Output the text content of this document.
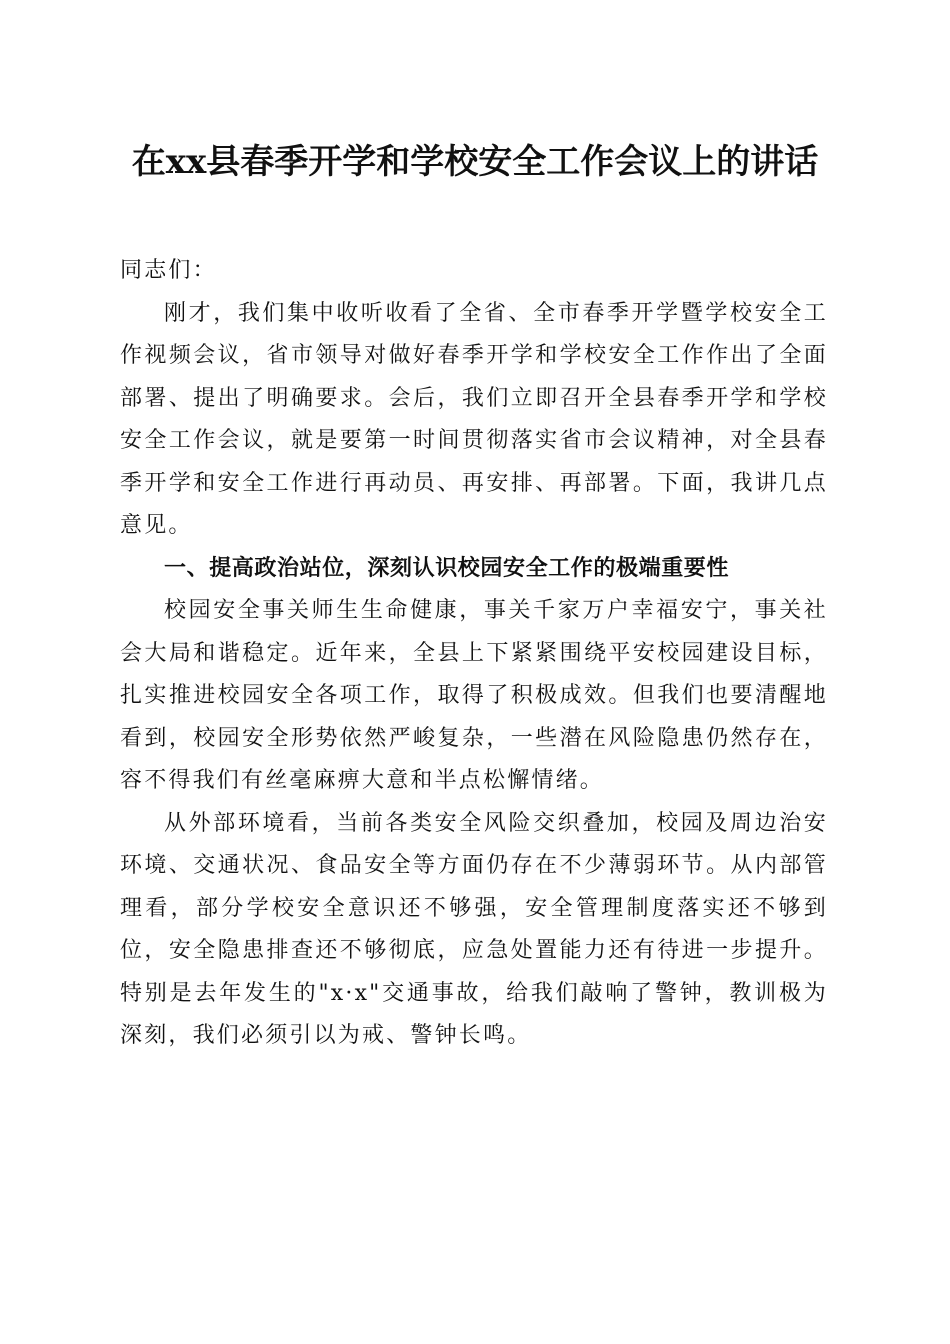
在xx县春季开学和学校安全工作会议上的讲话

同志们：

刚才，我们集中收听收看了全省、全市春季开学暨学校安全工作视频会议，省市领导对做好春季开学和学校安全工作作出了全面部署、提出了明确要求。会后，我们立即召开全县春季开学和学校安全工作会议，就是要第一时间贯彻落实省市会议精神，对全县春季开学和安全工作进行再动员、再安排、再部署。下面，我讲几点意见。

一、提高政治站位，深刻认识校园安全工作的极端重要性

校园安全事关师生生命健康，事关千家万户幸福安宁，事关社会大局和谐稳定。近年来，全县上下紧紧围绕平安校园建设目标，扎实推进校园安全各项工作，取得了积极成效。但我们也要清醒地看到，校园安全形势依然严峻复杂，一些潜在风险隐患仍然存在，容不得我们有丝毫麻痹大意和半点松懈情绪。

从外部环境看，当前各类安全风险交织叠加，校园及周边治安环境、交通状况、食品安全等方面仍存在不少薄弱环节。从内部管理看，部分学校安全意识还不够强，安全管理制度落实还不够到位，安全隐患排查还不够彻底，应急处置能力还有待进一步提升。特别是去年发生的"x·x"交通事故，给我们敲响了警钟，教训极为深刻，我们必须引以为戒、警钟长鸣。
